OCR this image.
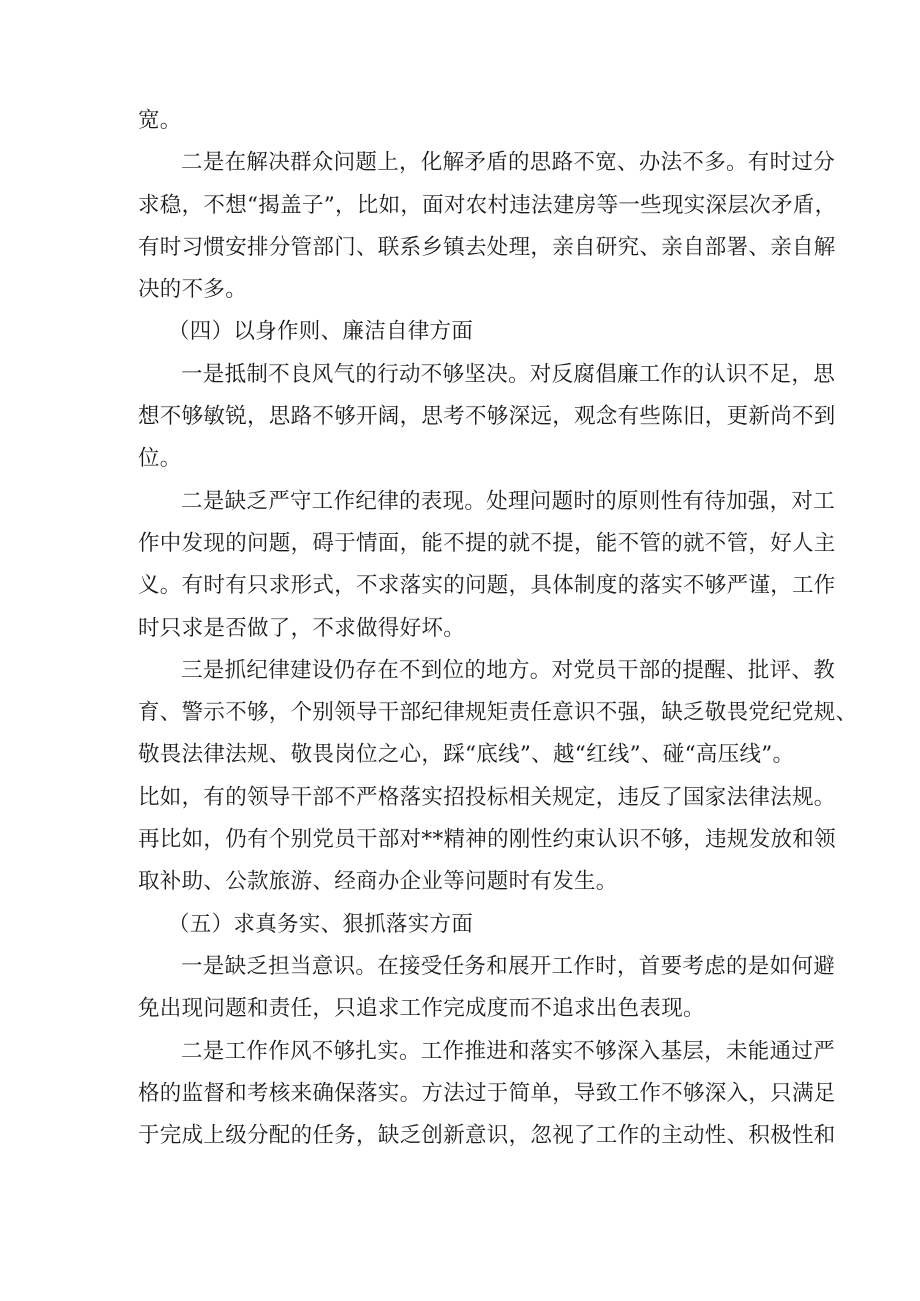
宽。
二是在解决群众问题上，化解矛盾的思路不宽、办法不多。有时过分
求稳，不想“揭盖子”，比如，面对农村违法建房等一些现实深层次矛盾，
有时习惯安排分管部门、联系乡镇去处理，亲自研究、亲自部署、亲自解
决的不多。
（四）以身作则、廉洁自律方面
一是抵制不良风气的行动不够坚决。对反腐倡廉工作的认识不足，思
想不够敏锐，思路不够开阔，思考不够深远，观念有些陈旧，更新尚不到
位。
二是缺乏严守工作纪律的表现。处理问题时的原则性有待加强，对工
作中发现的问题，碍于情面，能不提的就不提，能不管的就不管，好人主
义。有时有只求形式，不求落实的问题，具体制度的落实不够严谨，工作
时只求是否做了，不求做得好坏。
三是抓纪律建设仍存在不到位的地方。对党员干部的提醒、批评、教
育、警示不够，个别领导干部纪律规矩责任意识不强，缺乏敬畏党纪党规、
敬畏法律法规、敬畏岗位之心，踩“底线”、越“红线”、碰“高压线”。
比如，有的领导干部不严格落实招投标相关规定，违反了国家法律法规。
再比如，仍有个别党员干部对**精神的刚性约束认识不够，违规发放和领
取补助、公款旅游、经商办企业等问题时有发生。
（五）求真务实、狠抓落实方面
一是缺乏担当意识。在接受任务和展开工作时，首要考虑的是如何避
免出现问题和责任，只追求工作完成度而不追求出色表现。
二是工作作风不够扎实。工作推进和落实不够深入基层，未能通过严
格的监督和考核来确保落实。方法过于简单，导致工作不够深入，只满足
于完成上级分配的任务，缺乏创新意识，忽视了工作的主动性、积极性和
